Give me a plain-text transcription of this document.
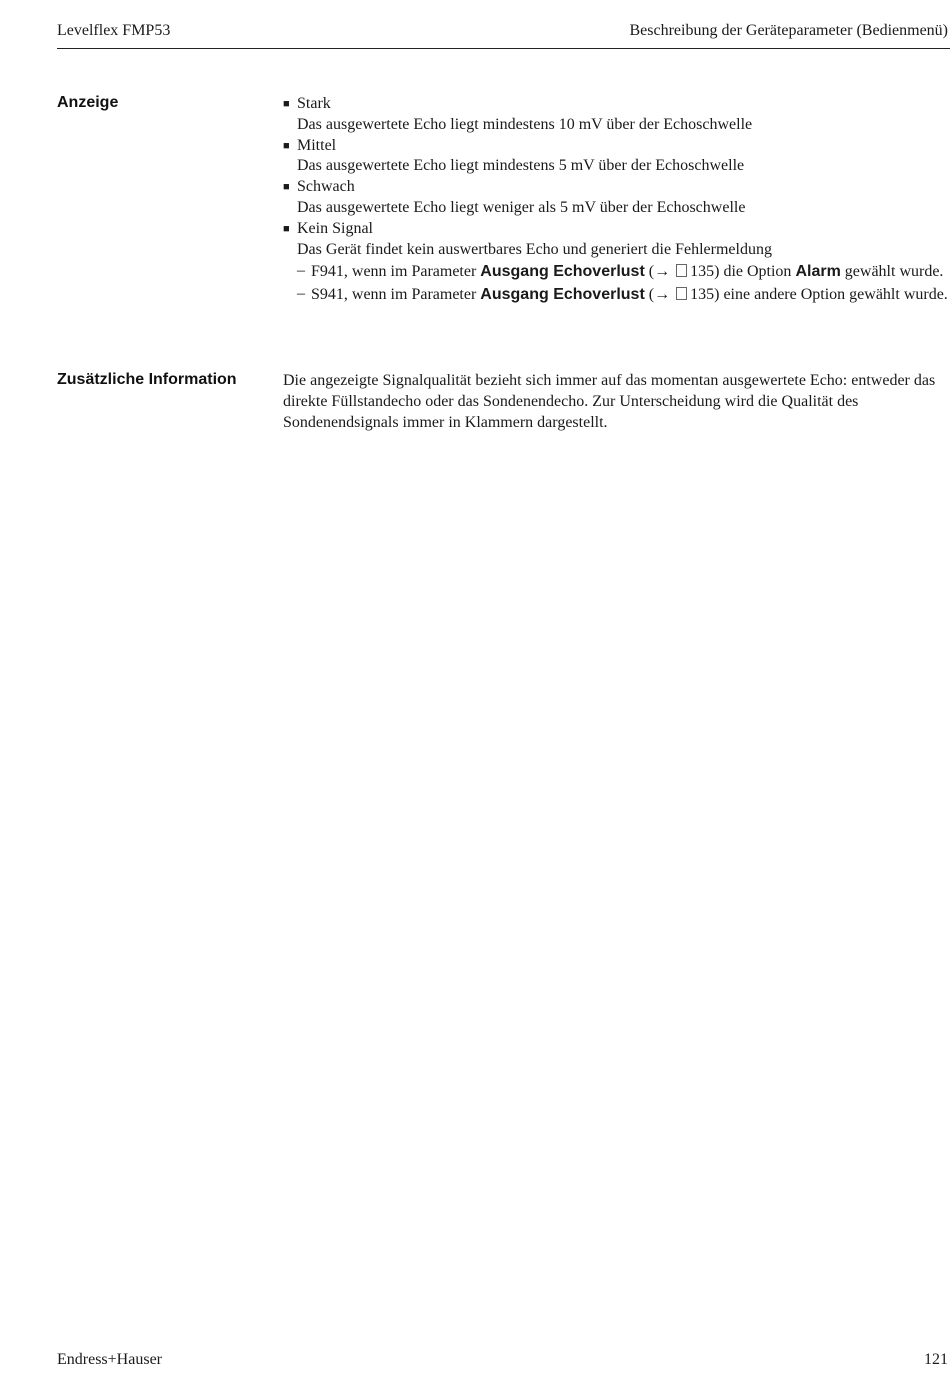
Levelflex FMP53	Beschreibung der Geräteparameter (Bedienmenü)
Anzeige	■ Stark
Das ausgewertete Echo liegt mindestens 10 mV über der Echoschwelle
■ Mittel
Das ausgewertete Echo liegt mindestens 5 mV über der Echoschwelle
■ Schwach
Das ausgewertete Echo liegt weniger als 5 mV über der Echoschwelle
■ Kein Signal
Das Gerät findet kein auswertbares Echo und generiert die Fehlermeldung
– F941, wenn im Parameter Ausgang Echoverlust (→ 135) die Option Alarm gewählt wurde.
– S941, wenn im Parameter Ausgang Echoverlust (→ 135) eine andere Option gewählt wurde.
Zusätzliche Information	Die angezeigte Signalqualität bezieht sich immer auf das momentan ausgewertete Echo: entweder das direkte Füllstandecho oder das Sondenendecho. Zur Unterscheidung wird die Qualität des Sondenendsignals immer in Klammern dargestellt.
Endress+Hauser	121
